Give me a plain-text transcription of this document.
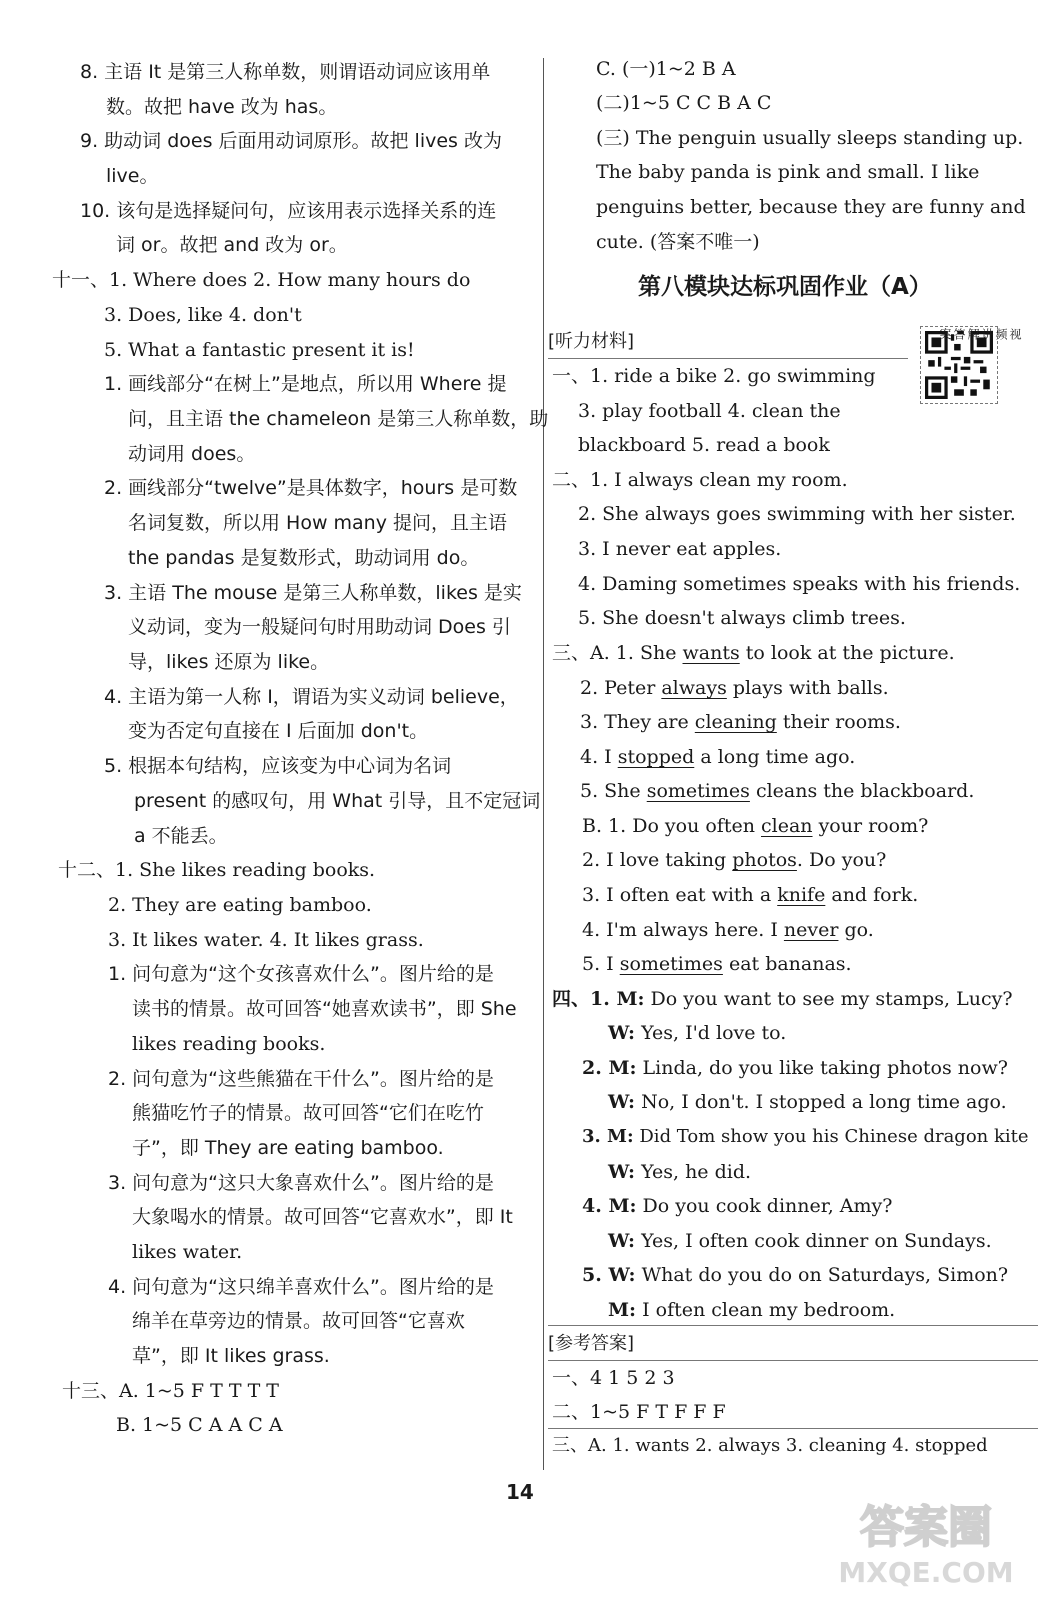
8. 主语 It 是第三人称单数，则谓语动词应该用单
数。故把 have 改为 has。
9. 助动词 does 后面用动词原形。故把 lives 改为
live。
10. 该句是选择疑问句，应该用表示选择关系的连
词 or。故把 and 改为 or。
十一、1. Where does 2. How many hours do
3. Does, like 4. don't
5. What a fantastic present it is!
1. 画线部分“在树上”是地点，所以用 Where 提
问，且主语 the chameleon 是第三人称单数，助
动词用 does。
2. 画线部分“twelve”是具体数字，hours 是可数
名词复数，所以用 How many 提问，且主语
the pandas 是复数形式，助动词用 do。
3. 主语 The mouse 是第三人称单数，likes 是实
义动词，变为一般疑问句时用助动词 Does 引
导，likes 还原为 like。
4. 主语为第一人称 I，谓语为实义动词 believe，
变为否定句直接在 I 后面加 don't。
5. 根据本句结构，应该变为中心词为名词
present 的感叹句，用 What 引导，且不定冠词
a 不能丢。
十二、1. She likes reading books.
2. They are eating bamboo.
3. It likes water. 4. It likes grass.
1. 问句意为“这个女孩喜欢什么”。图片给的是
读书的情景。故可回答“她喜欢读书”，即 She
likes reading books.
2. 问句意为“这些熊猫在干什么”。图片给的是
熊猫吃竹子的情景。故可回答“它们在吃竹
子”，即 They are eating bamboo.
3. 问句意为“这只大象喜欢什么”。图片给的是
大象喝水的情景。故可回答“它喜欢水”，即 It
likes water.
4. 问句意为“这只绵羊喜欢什么”。图片给的是
绵羊在草旁边的情景。故可回答“它喜欢
草”，即 It likes grass.
十三、A. 1~5 F T T T T
B. 1~5 C A A C A
C. (一)1~2 B A
(二)1~5 C C B A C
(三) The penguin usually sleeps standing up.
The baby panda is pink and small. I like
penguins better, because they are funny and
cute. (答案不唯一)
第八模块达标巩固作业（A）
[听力材料]	视频讲解答案
一、1. ride a bike 2. go swimming
3. play football 4. clean the
blackboard 5. read a book
二、1. I always clean my room.
2. She always goes swimming with her sister.
3. I never eat apples.
4. Daming sometimes speaks with his friends.
5. She doesn't always climb trees.
三、A. 1. She wants to look at the picture.
2. Peter always plays with balls.
3. They are cleaning their rooms.
4. I stopped a long time ago.
5. She sometimes cleans the blackboard.
B. 1. Do you often clean your room?
2. I love taking photos. Do you?
3. I often eat with a knife and fork.
4. I'm always here. I never go.
5. I sometimes eat bananas.
四、1. M: Do you want to see my stamps, Lucy?
W: Yes, I'd love to.
2. M: Linda, do you like taking photos now?
W: No, I don't. I stopped a long time ago.
3. M: Did Tom show you his Chinese dragon kite
W: Yes, he did.
4. M: Do you cook dinner, Amy?
W: Yes, I often cook dinner on Sundays.
5. W: What do you do on Saturdays, Simon?
M: I often clean my bedroom.
[参考答案]
一、4 1 5 2 3
二、1~5 F T F F F
三、A. 1. wants 2. always 3. cleaning 4. stopped
14
答案圈
MXQE.COM
